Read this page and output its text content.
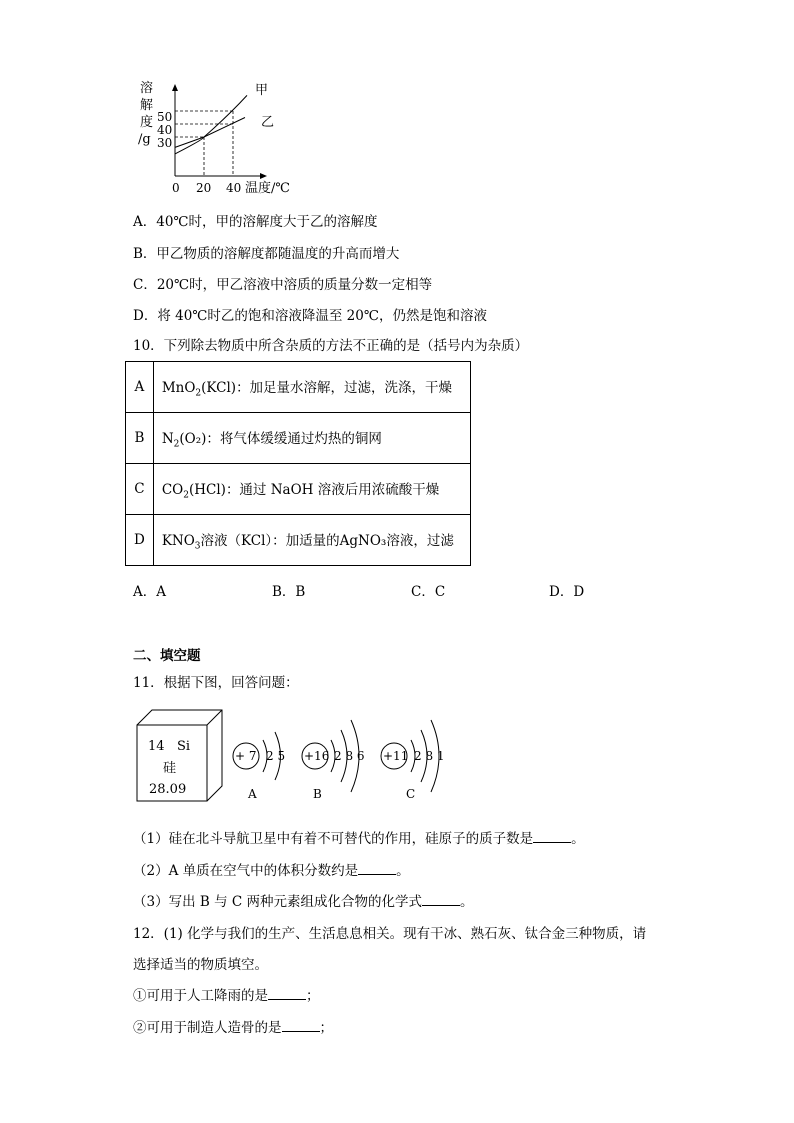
溶
解
度
/g
50
40
30
0 20 40 温度/℃
甲
乙
A．40℃时，甲的溶解度大于乙的溶解度
B．甲乙物质的溶解度都随温度的升高而增大
C．20℃时，甲乙溶液中溶质的质量分数一定相等
D．将 40℃时乙的饱和溶液降温至 20℃，仍然是饱和溶液
10．下列除去物质中所含杂质的方法不正确的是（括号内为杂质）
A	MnO$_2$(KCl)：加足量水溶解，过滤，洗涤，干燥
B	$N_2(O_2)$：将气体缓缓通过灼热的铜网
C	$CO_2(HCl)$：通过 NaOH 溶液后用浓硫酸干燥
D	$KNO_3$溶液（KCl）：加适量的AgNO₃溶液，过滤
A．A	B．B	C．C	D．D
二、填空题
11．根据下图，回答问题：
14 Si
硅
28.09
+ 7 2 5
A
+16 2 8 6
B
+11 2 8 1
C
（1）硅在北斗导航卫星中有着不可替代的作用，硅原子的质子数是	。
（2）A 单质在空气中的体积分数约是	。
（3）写出 B 与 C 两种元素组成化合物的化学式	。
12．(1) 化学与我们的生产、生活息息相关。现有干冰、熟石灰、钛合金三种物质，请
选择适当的物质填空。
①可用于人工降雨的是	；
②可用于制造人造骨的是	；
